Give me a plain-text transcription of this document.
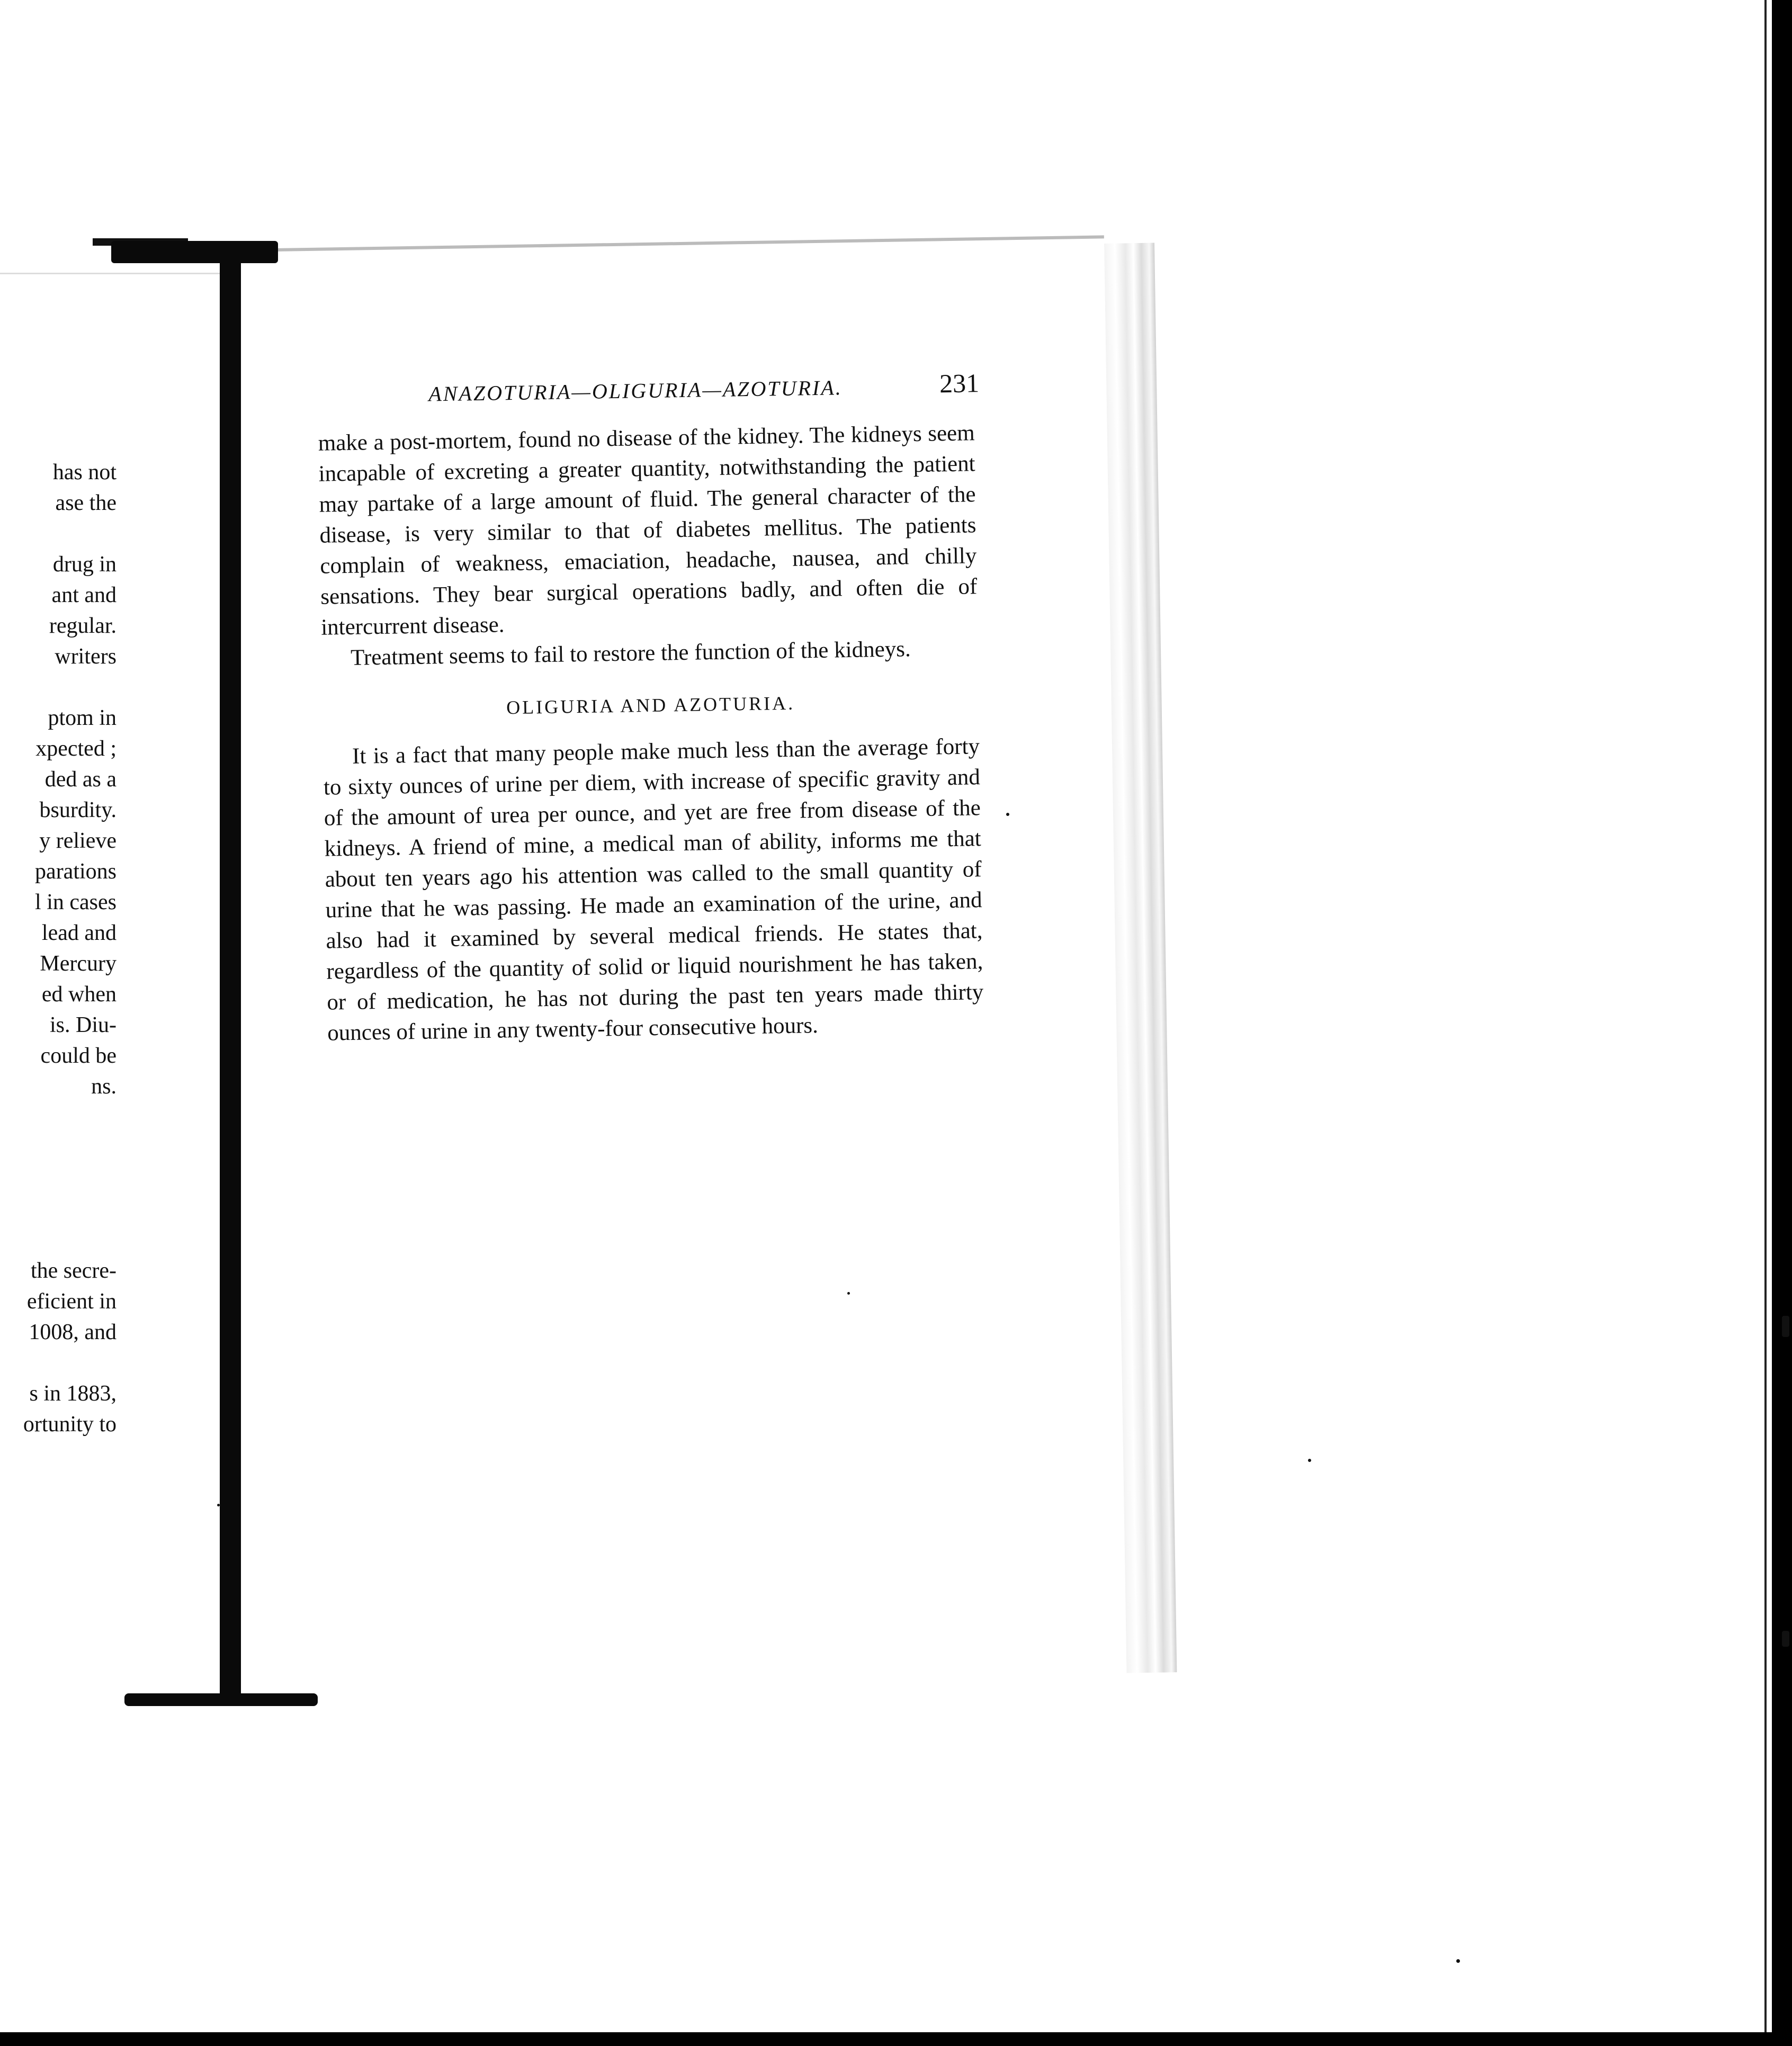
has not
ase the
drug in
ant and
regular.
writers
ptom in
xpected ;
ded as a
bsurdity.
y relieve
parations
l in cases
lead and
Mercury
ed when
is. Diu-
could be
ns.
the secre-
eficient in
1008, and
s in 1883,
ortunity to
ANAZOTURIA—OLIGURIA—AZOTURIA.	231

make a post-mortem, found no disease of the kidney. The kidneys seem incapable of excreting a greater quantity, notwithstanding the patient may partake of a large amount of fluid. The general character of the disease, is very similar to that of diabetes mellitus. The patients complain of weakness, emaciation, headache, nausea, and chilly sensations. They bear surgical operations badly, and often die of intercurrent disease.

Treatment seems to fail to restore the function of the kidneys.

OLIGURIA AND AZOTURIA.

It is a fact that many people make much less than the average forty to sixty ounces of urine per diem, with increase of specific gravity and of the amount of urea per ounce, and yet are free from disease of the kidneys. A friend of mine, a medical man of ability, informs me that about ten years ago his attention was called to the small quantity of urine that he was passing. He made an examination of the urine, and also had it examined by several medical friends. He states that, regardless of the quantity of solid or liquid nourishment he has taken, or of medication, he has not during the past ten years made thirty ounces of urine in any twenty-four consecutive hours.
